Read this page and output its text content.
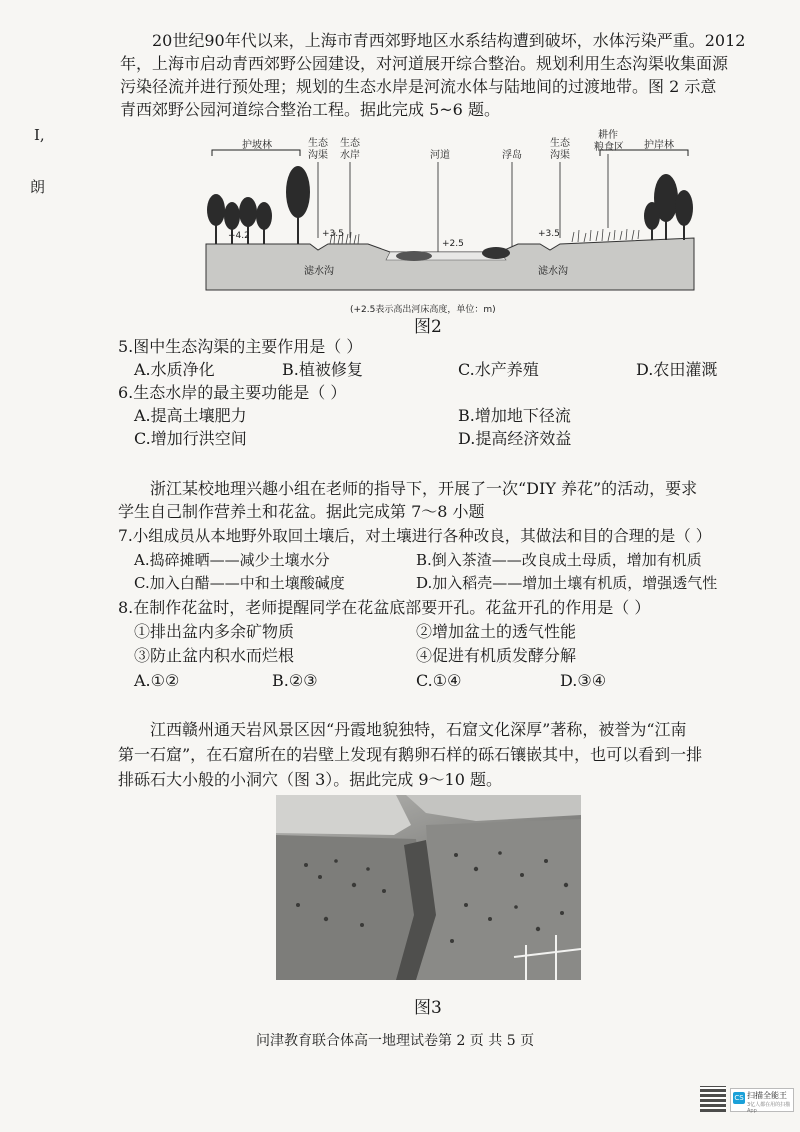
I,
朗
20世纪90年代以来，上海市青西郊野地区水系结构遭到破坏，水体污染严重。2012
年，上海市启动青西郊野公园建设，对河道展开综合整治。规划利用生态沟渠收集面源
污染径流并进行预处理；规划的生态水岸是河流水体与陆地间的过渡地带。图 2 示意
青西郊野公园河道综合整治工程。据此完成 5~6 题。
护坡林	护岸林
生态
沟渠
生态
水岸	河道	浮岛
生态
沟渠
耕作
粮食区
+4.2	+3.5
+2.5
+3.5
滤水沟	滤水沟
(+2.5表示高出河床高度，单位：m)
图2
5.图中生态沟渠的主要作用是（ ）
A.水质净化	B.植被修复	C.水产养殖	D.农田灌溉
6.生态水岸的最主要功能是（ ）
A.提高土壤肥力	B.增加地下径流
C.增加行洪空间	D.提高经济效益
浙江某校地理兴趣小组在老师的指导下，开展了一次“DIY 养花”的活动，要求
学生自己制作营养土和花盆。据此完成第 7～8 小题
7.小组成员从本地野外取回土壤后，对土壤进行各种改良，其做法和目的合理的是（ ）
A.捣碎摊晒——减少土壤水分	B.倒入茶渣——改良成土母质，增加有机质
C.加入白醋——中和土壤酸碱度	D.加入稻壳——增加土壤有机质，增强透气性
8.在制作花盆时，老师提醒同学在花盆底部要开孔。花盆开孔的作用是（ ）
①排出盆内多余矿物质	②增加盆土的透气性能
③防止盆内积水而烂根	④促进有机质发酵分解
A.①②	B.②③	C.①④	D.③④
江西赣州通天岩风景区因“丹霞地貌独特，石窟文化深厚”著称，被誉为“江南
第一石窟”，在石窟所在的岩壁上发现有鹅卵石样的砾石镶嵌其中，也可以看到一排
排砾石大小般的小洞穴（图 3）。据此完成 9～10 题。
图3
问津教育联合体高一地理试卷第 2 页 共 5 页
CS 扫描全能王
3亿人都在用的扫描App
